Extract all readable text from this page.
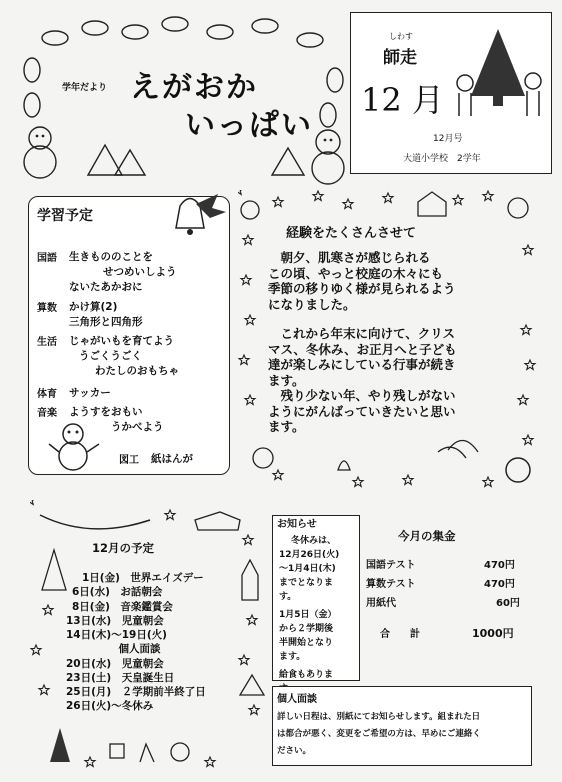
学年だより えがおか
いっぱい
しわす
師走
12 月
12月号
大道小学校　2学年
学習予定
国語 生きもののことを
せつめいしよう
ないたあかおに
算数 かけ算(2)
三角形と四角形
生活 じゃがいもを育てよう
うごくうごく
わたしのおもちゃ
体育 サッカー
音楽 ようすをおもい
うかべよう
図工 紙はんが
経験をたくさんさせて

　朝夕、肌寒さが感じられる

この頃、やっと校庭の木々にも

季節の移りゆく様が見られるよう

になりました。

　これから年末に向けて、クリス

マス、冬休み、お正月へと子ども

達が楽しみにしている行事が続き

ます。

　残り少ない年、やり残しがない

ようにがんばっていきたいと思い

ます。

12月の予定
1日(金)　世界エイズデー
6日(水)　お話朝会
8日(金)　音楽鑑賞会
13日(水)　児童朝会
14日(木)～19日(火)
　　　　　個人面談
20日(水)　児童朝会
23日(土)　天皇誕生日
25日(月)　２学期前半終了日
26日(火)～冬休み
お知らせ
冬休みは、
12月26日(火)
～1月4日(木)
までとなりま
す。
1月5日（金）
から２学期後
半開始となり
ます。
給食もありま
今月の集金
国語テスト	470円
算数テスト	470円
用紙代	60円
合　　計	1000円
個人面談
詳しい日程は、別紙にてお知らせします。組まれた日
は都合が悪く、変更をご希望の方は、早めにご連絡く
ださい。
